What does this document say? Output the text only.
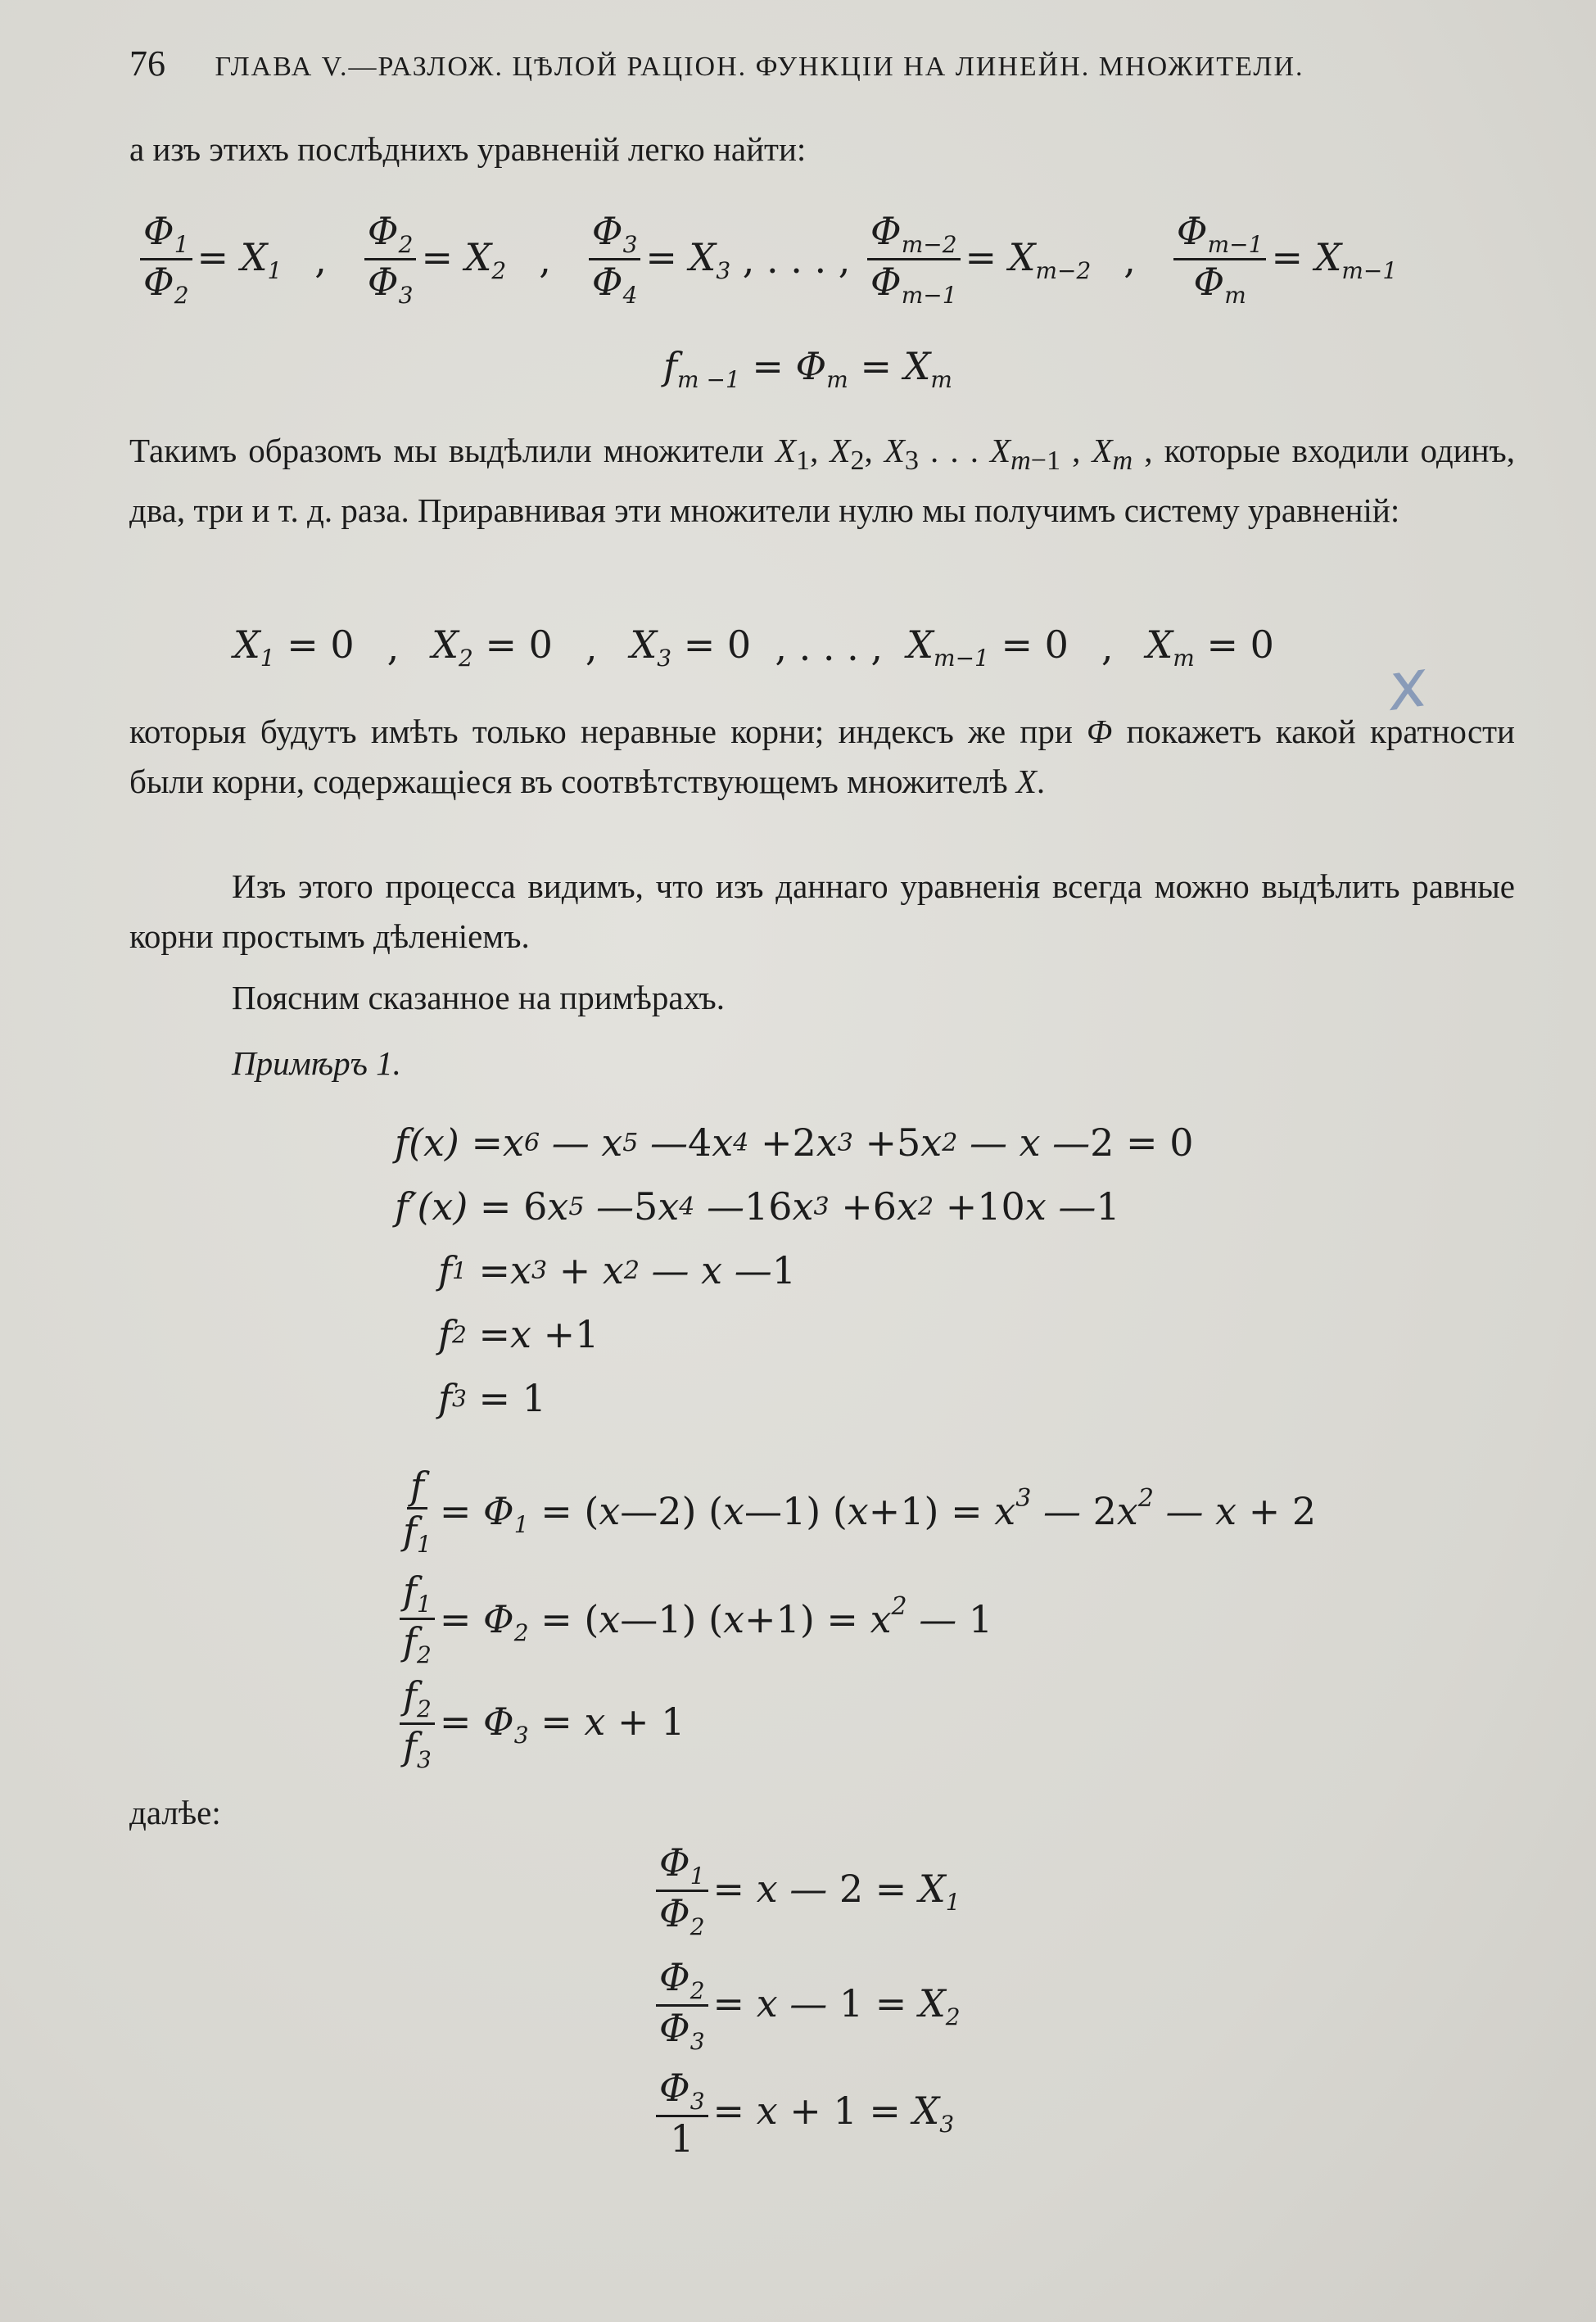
76 ГЛАВА V.—РАЗЛОЖ. ЦѢЛОЙ РАЦІОН. ФУНКЦІИ НА ЛИНЕЙН. МНОЖИТЕЛИ.
а изъ этихъ послѣднихъ уравненій легко найти:
$\frac{\Phi_1}{\Phi_2} = X_1$ , $\frac{\Phi_2}{\Phi_3} = X_2$ , $\frac{\Phi_3}{\Phi_4} = X_3$ , . . . , $\frac{\Phi_{m-2}}{\Phi_{m-1}} = X_{m-2}$ , $\frac{\Phi_{m-1}}{\Phi_m} = X_{m-1}$
$f_{m -1} = \Phi_m = X_m$
Такимъ образомъ мы выдѣлили множители $X_1$, $X_2$, $X_3$ . . . $X_{m-1}$ , $X_m$ , которые входили одинъ, два, три и т. д. раза. Приравнивая эти множители нулю мы получимъ систему уравненій:
$X_1 = 0$ , $X_2 = 0$ , $X_3 = 0$ , . . . , $X_{m-1} = 0$ , $X_m = 0$
x
которыя будутъ имѣть только неравные корни; индексъ же при Φ покажетъ какой кратности были корни, содержащіеся въ соотвѣтствующемъ множителѣ X.
Изъ этого процесса видимъ, что изъ даннаго уравненія всегда можно выдѣлить равные корни простымъ дѣленіемъ.
Поясним сказанное на примѣрахъ.
Примѣръ 1.
f(x) = x 6 — x 5 — 4 x 4 + 2 x 3 + 5 x 2 — x — 2 = 0
f′(x) = 6 x 5 — 5 x 4 — 16 x 3 + 6 x 2 + 10 x — 1
f 1
= x 3 + x 2 — x — 1
f 2
= x + 1
f 3
= 1
$\frac{f}{f_1} = \Phi_1$ = (x—2) (x—1) $(x+1) = x^3$ — $2x^2$ — x + 2
$\frac{f_1}{f_2} = \Phi_2$ = (x—1) $(x+1) = x^2$ — 1
$\frac{f_2}{f_3} = \Phi_3 = x + 1$
далѣе:
$\frac{\Phi_1}{\Phi_2} = x$ — $2 = X_1$
$\frac{\Phi_2}{\Phi_3} = x$ — $1 = X_2$
$\frac{\Phi_3}{1} = x + 1 = X_3$
